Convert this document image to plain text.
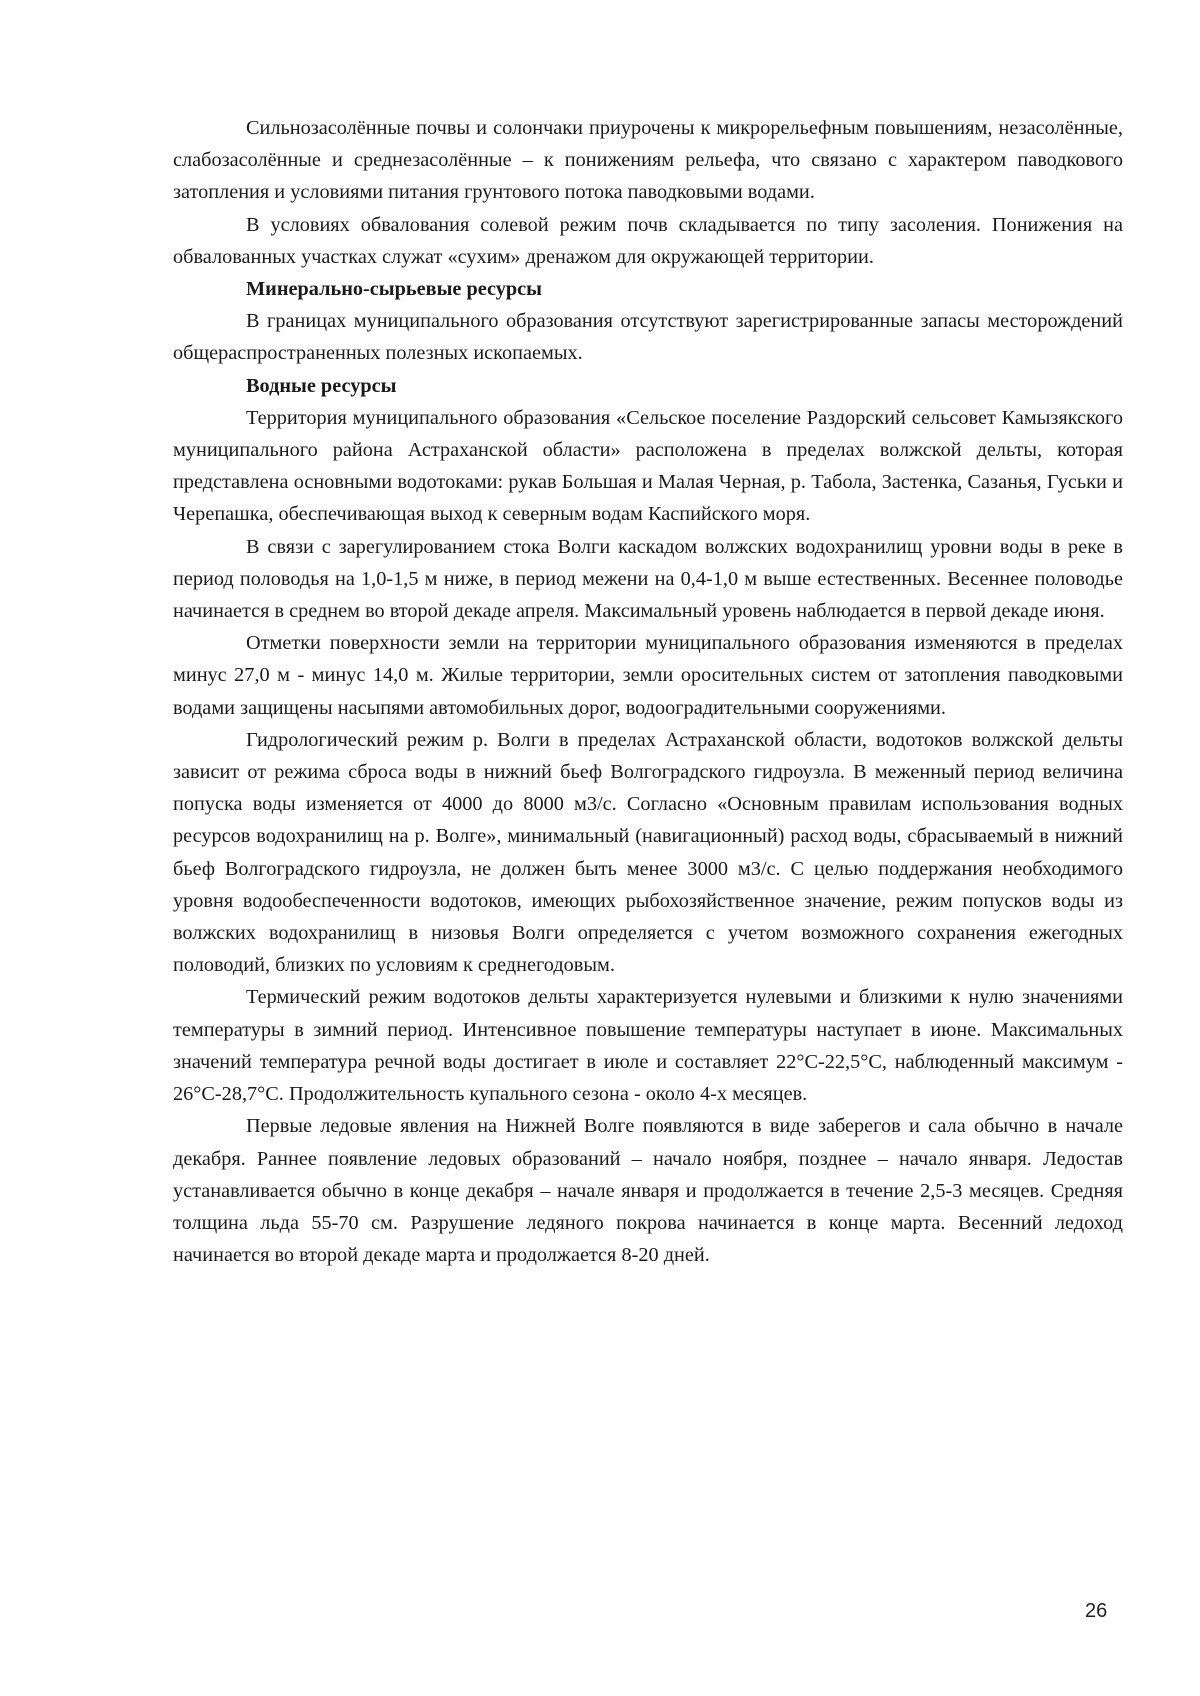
Сильнозасолённые почвы и солончаки приурочены к микрорельефным повышениям, незасолённые, слабозасолённые и среднезасолённые – к понижениям рельефа, что связано с характером паводкового затопления и условиями питания грунтового потока паводковыми водами.

В условиях обвалования солевой режим почв складывается по типу засоления. Понижения на обвалованных участках служат «сухим» дренажом для окружающей территории.

Минерально-сырьевые ресурсы

В границах муниципального образования отсутствуют зарегистрированные запасы месторождений общераспространенных полезных ископаемых.

Водные ресурсы

Территория муниципального образования «Сельское поселение Раздорский сельсовет Камызякского муниципального района Астраханской области» расположена в пределах волжской дельты, которая представлена основными водотоками: рукав Большая и Малая Черная, р. Табола, Застенка, Сазанья, Гуськи и Черепашка, обеспечивающая выход к северным водам Каспийского моря.

В связи с зарегулированием стока Волги каскадом волжских водохранилищ уровни воды в реке в период половодья на 1,0-1,5 м ниже, в период межени на 0,4-1,0 м выше естественных. Весеннее половодье начинается в среднем во второй декаде апреля. Максимальный уровень наблюдается в первой декаде июня.

Отметки поверхности земли на территории муниципального образования изменяются в пределах минус 27,0 м - минус 14,0 м. Жилые территории, земли оросительных систем от затопления паводковыми водами защищены насыпями автомобильных дорог, водооградительными сооружениями.

Гидрологический режим р. Волги в пределах Астраханской области, водотоков волжской дельты зависит от режима сброса воды в нижний бьеф Волгоградского гидроузла. В меженный период величина попуска воды изменяется от 4000 до 8000 м3/с. Согласно «Основным правилам использования водных ресурсов водохранилищ на р. Волге», минимальный (навигационный) расход воды, сбрасываемый в нижний бьеф Волгоградского гидроузла, не должен быть менее 3000 м3/с. С целью поддержания необходимого уровня водообеспеченности водотоков, имеющих рыбохозяйственное значение, режим попусков воды из волжских водохранилищ в низовья Волги определяется с учетом возможного сохранения ежегодных половодий, близких по условиям к среднегодовым.

Термический режим водотоков дельты характеризуется нулевыми и близкими к нулю значениями температуры в зимний период. Интенсивное повышение температуры наступает в июне. Максимальных значений температура речной воды достигает в июле и составляет 22°С-22,5°С, наблюденный максимум - 26°С-28,7°С. Продолжительность купального сезона - около 4-х месяцев.

Первые ледовые явления на Нижней Волге появляются в виде заберегов и сала обычно в начале декабря. Раннее появление ледовых образований – начало ноября, позднее – начало января. Ледостав устанавливается обычно в конце декабря – начале января и продолжается в течение 2,5-3 месяцев. Средняя толщина льда 55-70 см. Разрушение ледяного покрова начинается в конце марта. Весенний ледоход начинается во второй декаде марта и продолжается 8-20 дней.

26
